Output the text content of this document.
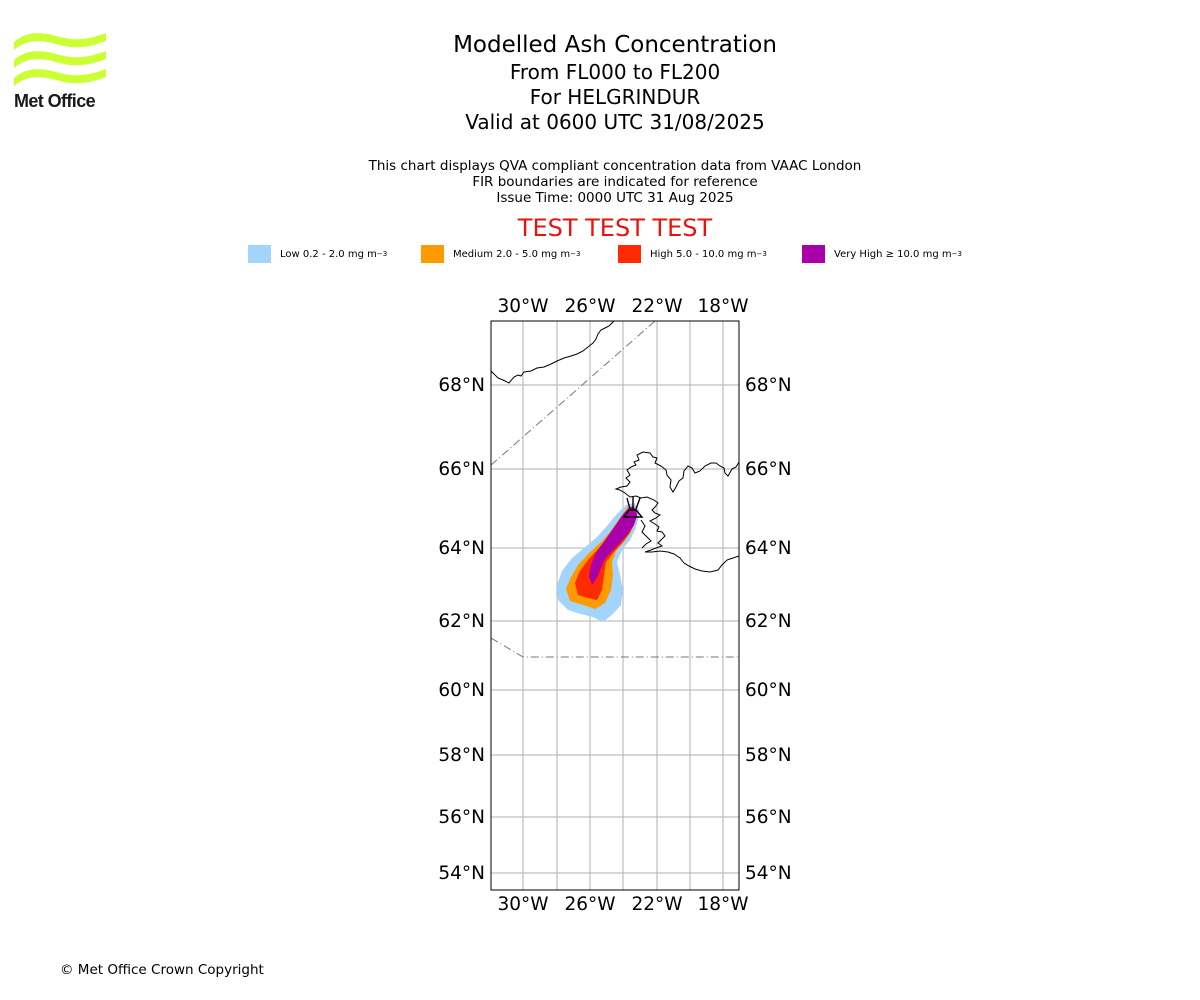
Met Office
Modelled Ash Concentration
From FL000 to FL200
For HELGRINDUR
Valid at 0600 UTC 31/08/2025
This chart displays QVA compliant concentration data from VAAC London
FIR boundaries are indicated for reference
Issue Time: 0000 UTC 31 Aug 2025
TEST TEST TEST
Low 0.2 - 2.0 mg m −3	Medium 2.0 - 5.0 mg m −3	High 5.0 - 10.0 mg m −3	Very High ≥ 10.0 mg m −3
30°W 26°W 22°W 18°W
30°W 26°W 22°W 18°W
68°N
66°N
64°N
62°N
60°N
58°N
56°N
54°N
68°N
66°N
64°N
62°N
60°N
58°N
56°N
54°N
© Met Office Crown Copyright
